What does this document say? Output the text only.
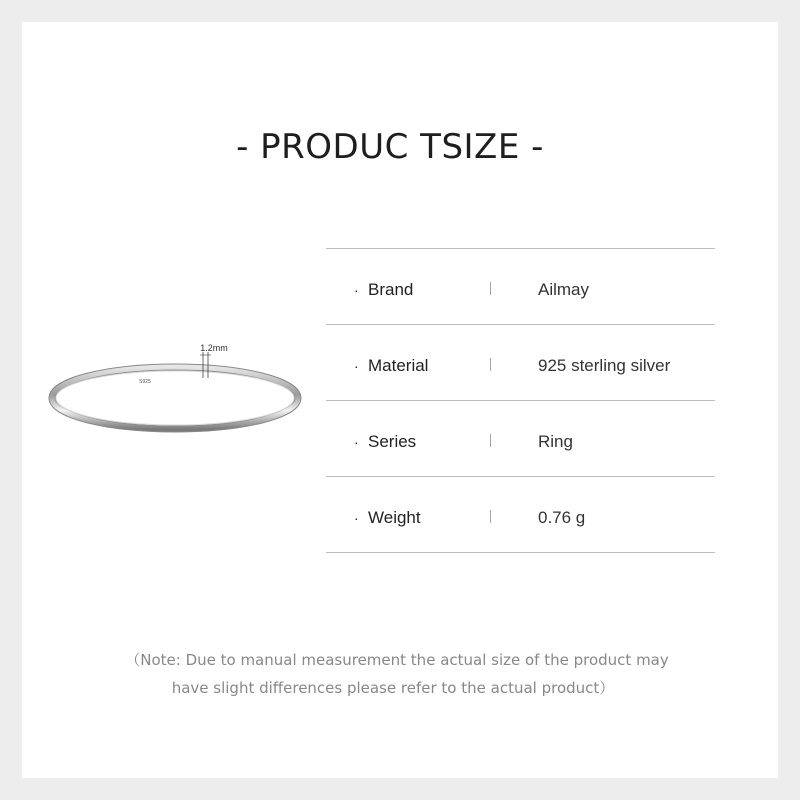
- PRODUC TSIZE -
1.2mm
S925
· Brand	Ailmay
· Material	925 sterling silver
· Series	Ring
· Weight	0.76 g
（Note: Due to manual measurement the actual size of the product may
have slight differences please refer to the actual product）
